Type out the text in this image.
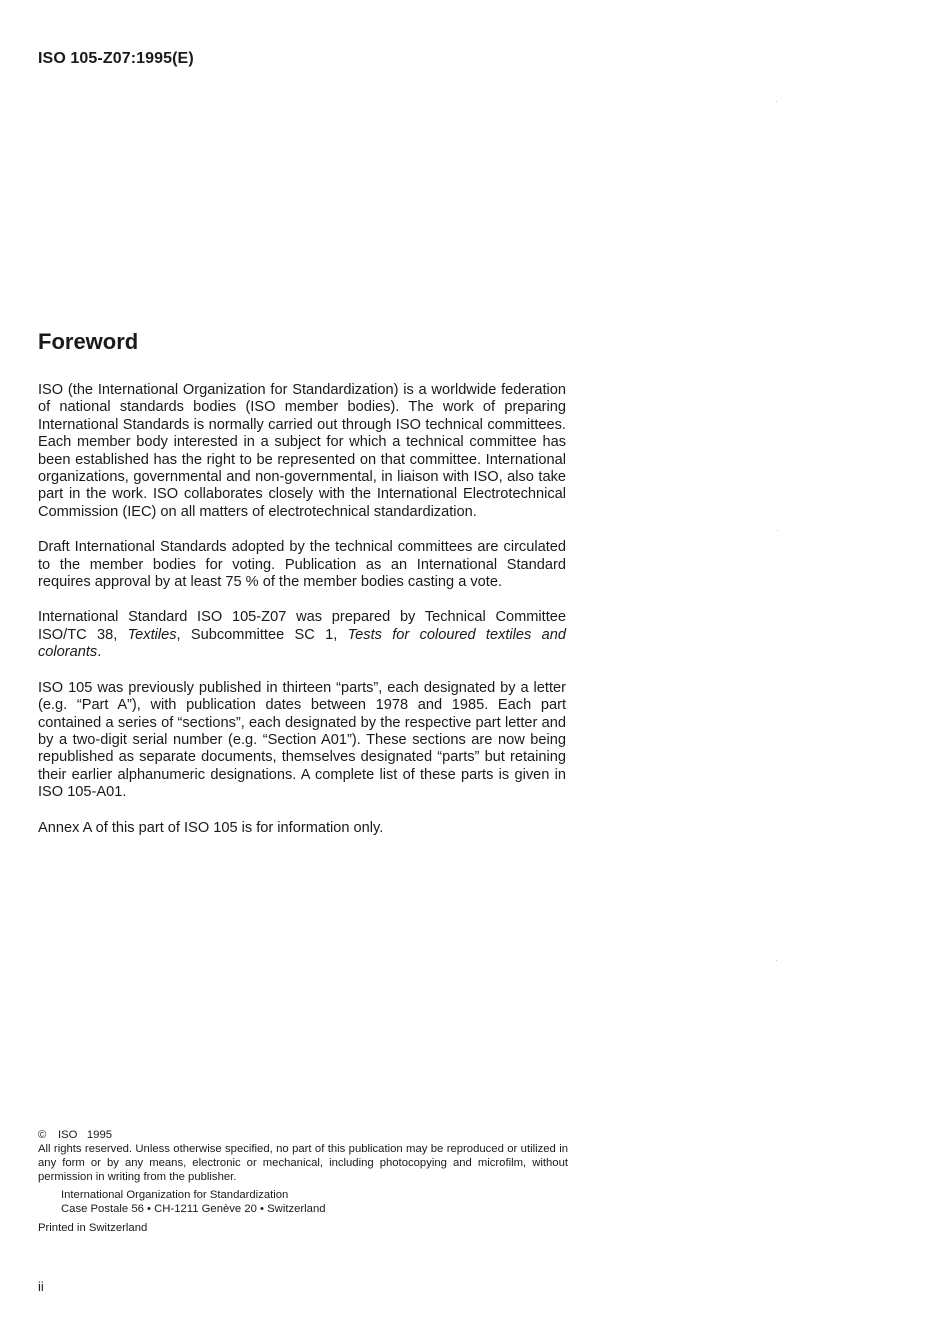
ISO 105-Z07:1995(E)
Foreword

ISO (the International Organization for Standardization) is a worldwide federation of national standards bodies (ISO member bodies). The work of preparing International Standards is normally carried out through ISO technical committees. Each member body interested in a subject for which a technical committee has been established has the right to be represented on that committee. International organizations, governmental and non-governmental, in liaison with ISO, also take part in the work. ISO collaborates closely with the International Electrotechnical Commission (IEC) on all matters of electrotechnical standardization.

Draft International Standards adopted by the technical committees are circulated to the member bodies for voting. Publication as an International Standard requires approval by at least 75 % of the member bodies casting a vote.

International Standard ISO 105-Z07 was prepared by Technical Committee ISO/TC 38, Textiles, Subcommittee SC 1, Tests for coloured textiles and colorants.

ISO 105 was previously published in thirteen “parts”, each designated by a letter (e.g. “Part A”), with publication dates between 1978 and 1985. Each part contained a series of “sections”, each designated by the respective part letter and by a two-digit serial number (e.g. “Section A01”). These sections are now being republished as separate documents, themselves designated “parts” but retaining their earlier alphanumeric designations. A complete list of these parts is given in ISO 105-A01.

Annex A of this part of ISO 105 is for information only.

© ISO   1995
All rights reserved. Unless otherwise specified, no part of this publication may be reproduced or utilized in any form or by any means, electronic or mechanical, including photocopying and microfilm, without permission in writing from the publisher.
International Organization for Standardization
Case Postale 56 • CH-1211 Genève 20 • Switzerland
Printed in Switzerland
ii
